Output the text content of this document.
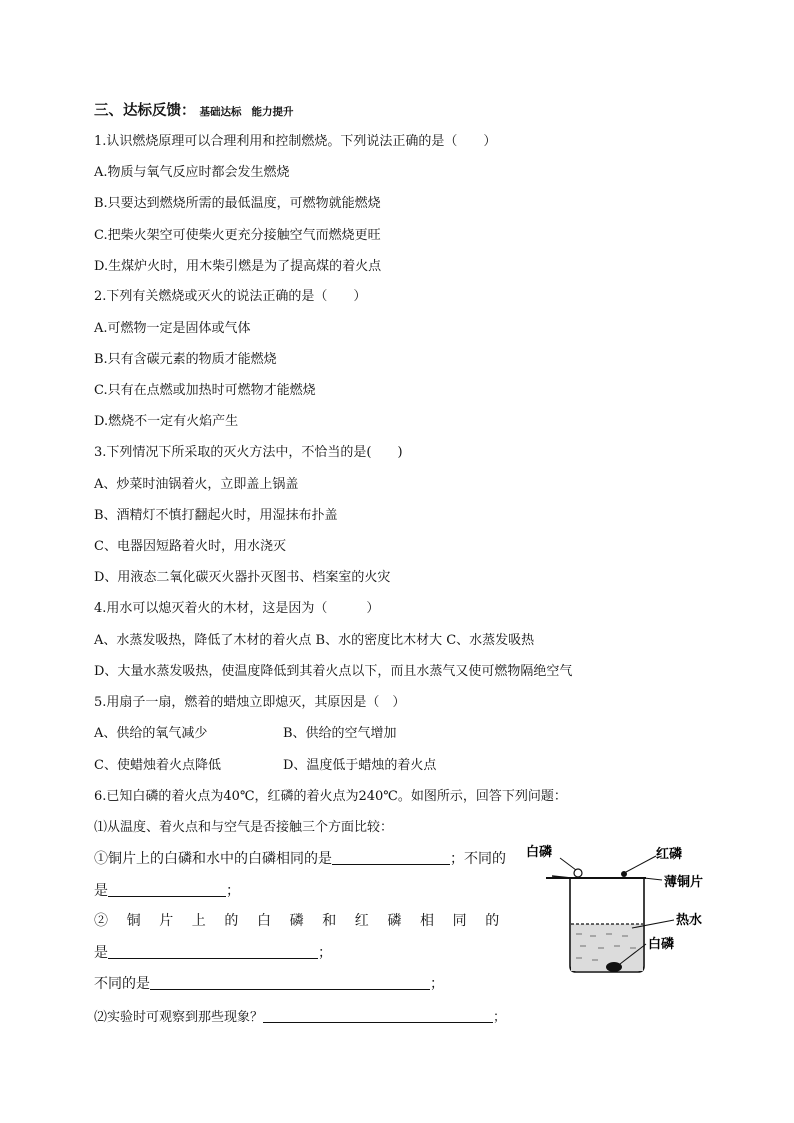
三、达标反馈： 基础达标 能力提升
1.认识燃烧原理可以合理利用和控制燃烧。下列说法正确的是（　　）
A.物质与氧气反应时都会发生燃烧
B.只要达到燃烧所需的最低温度，可燃物就能燃烧
C.把柴火架空可使柴火更充分接触空气而燃烧更旺
D.生煤炉火时，用木柴引燃是为了提高煤的着火点
2.下列有关燃烧或灭火的说法正确的是（　　）
A.可燃物一定是固体或气体
B.只有含碳元素的物质才能燃烧
C.只有在点燃或加热时可燃物才能燃烧
D.燃烧不一定有火焰产生
3.下列情况下所采取的灭火方法中，不恰当的是(　　)
A、炒菜时油锅着火，立即盖上锅盖
B、酒精灯不慎打翻起火时，用湿抹布扑盖
C、电器因短路着火时，用水浇灭
D、用液态二氧化碳灭火器扑灭图书、档案室的火灾
4.用水可以熄灭着火的木材，这是因为（　　　）
A、水蒸发吸热，降低了木材的着火点 B、水的密度比木材大 C、水蒸发吸热
D、大量水蒸发吸热，使温度降低到其着火点以下，而且水蒸气又使可燃物隔绝空气
5.用扇子一扇，燃着的蜡烛立即熄灭，其原因是（　）
A、供给的氧气减少	B、供给的空气增加
C、使蜡烛着火点降低	D、温度低于蜡烛的着火点
6.已知白磷的着火点为40℃，红磷的着火点为240℃。如图所示，回答下列问题：
⑴从温度、着火点和与空气是否接触三个方面比较：
①铜片上的白磷和水中的白磷相同的是	；不同的
是	；
②铜片上的白磷和红磷相同的
是	；
不同的是	；
⑵实验时可观察到那些现象？	；
白磷	红磷
薄铜片
热水
白磷
